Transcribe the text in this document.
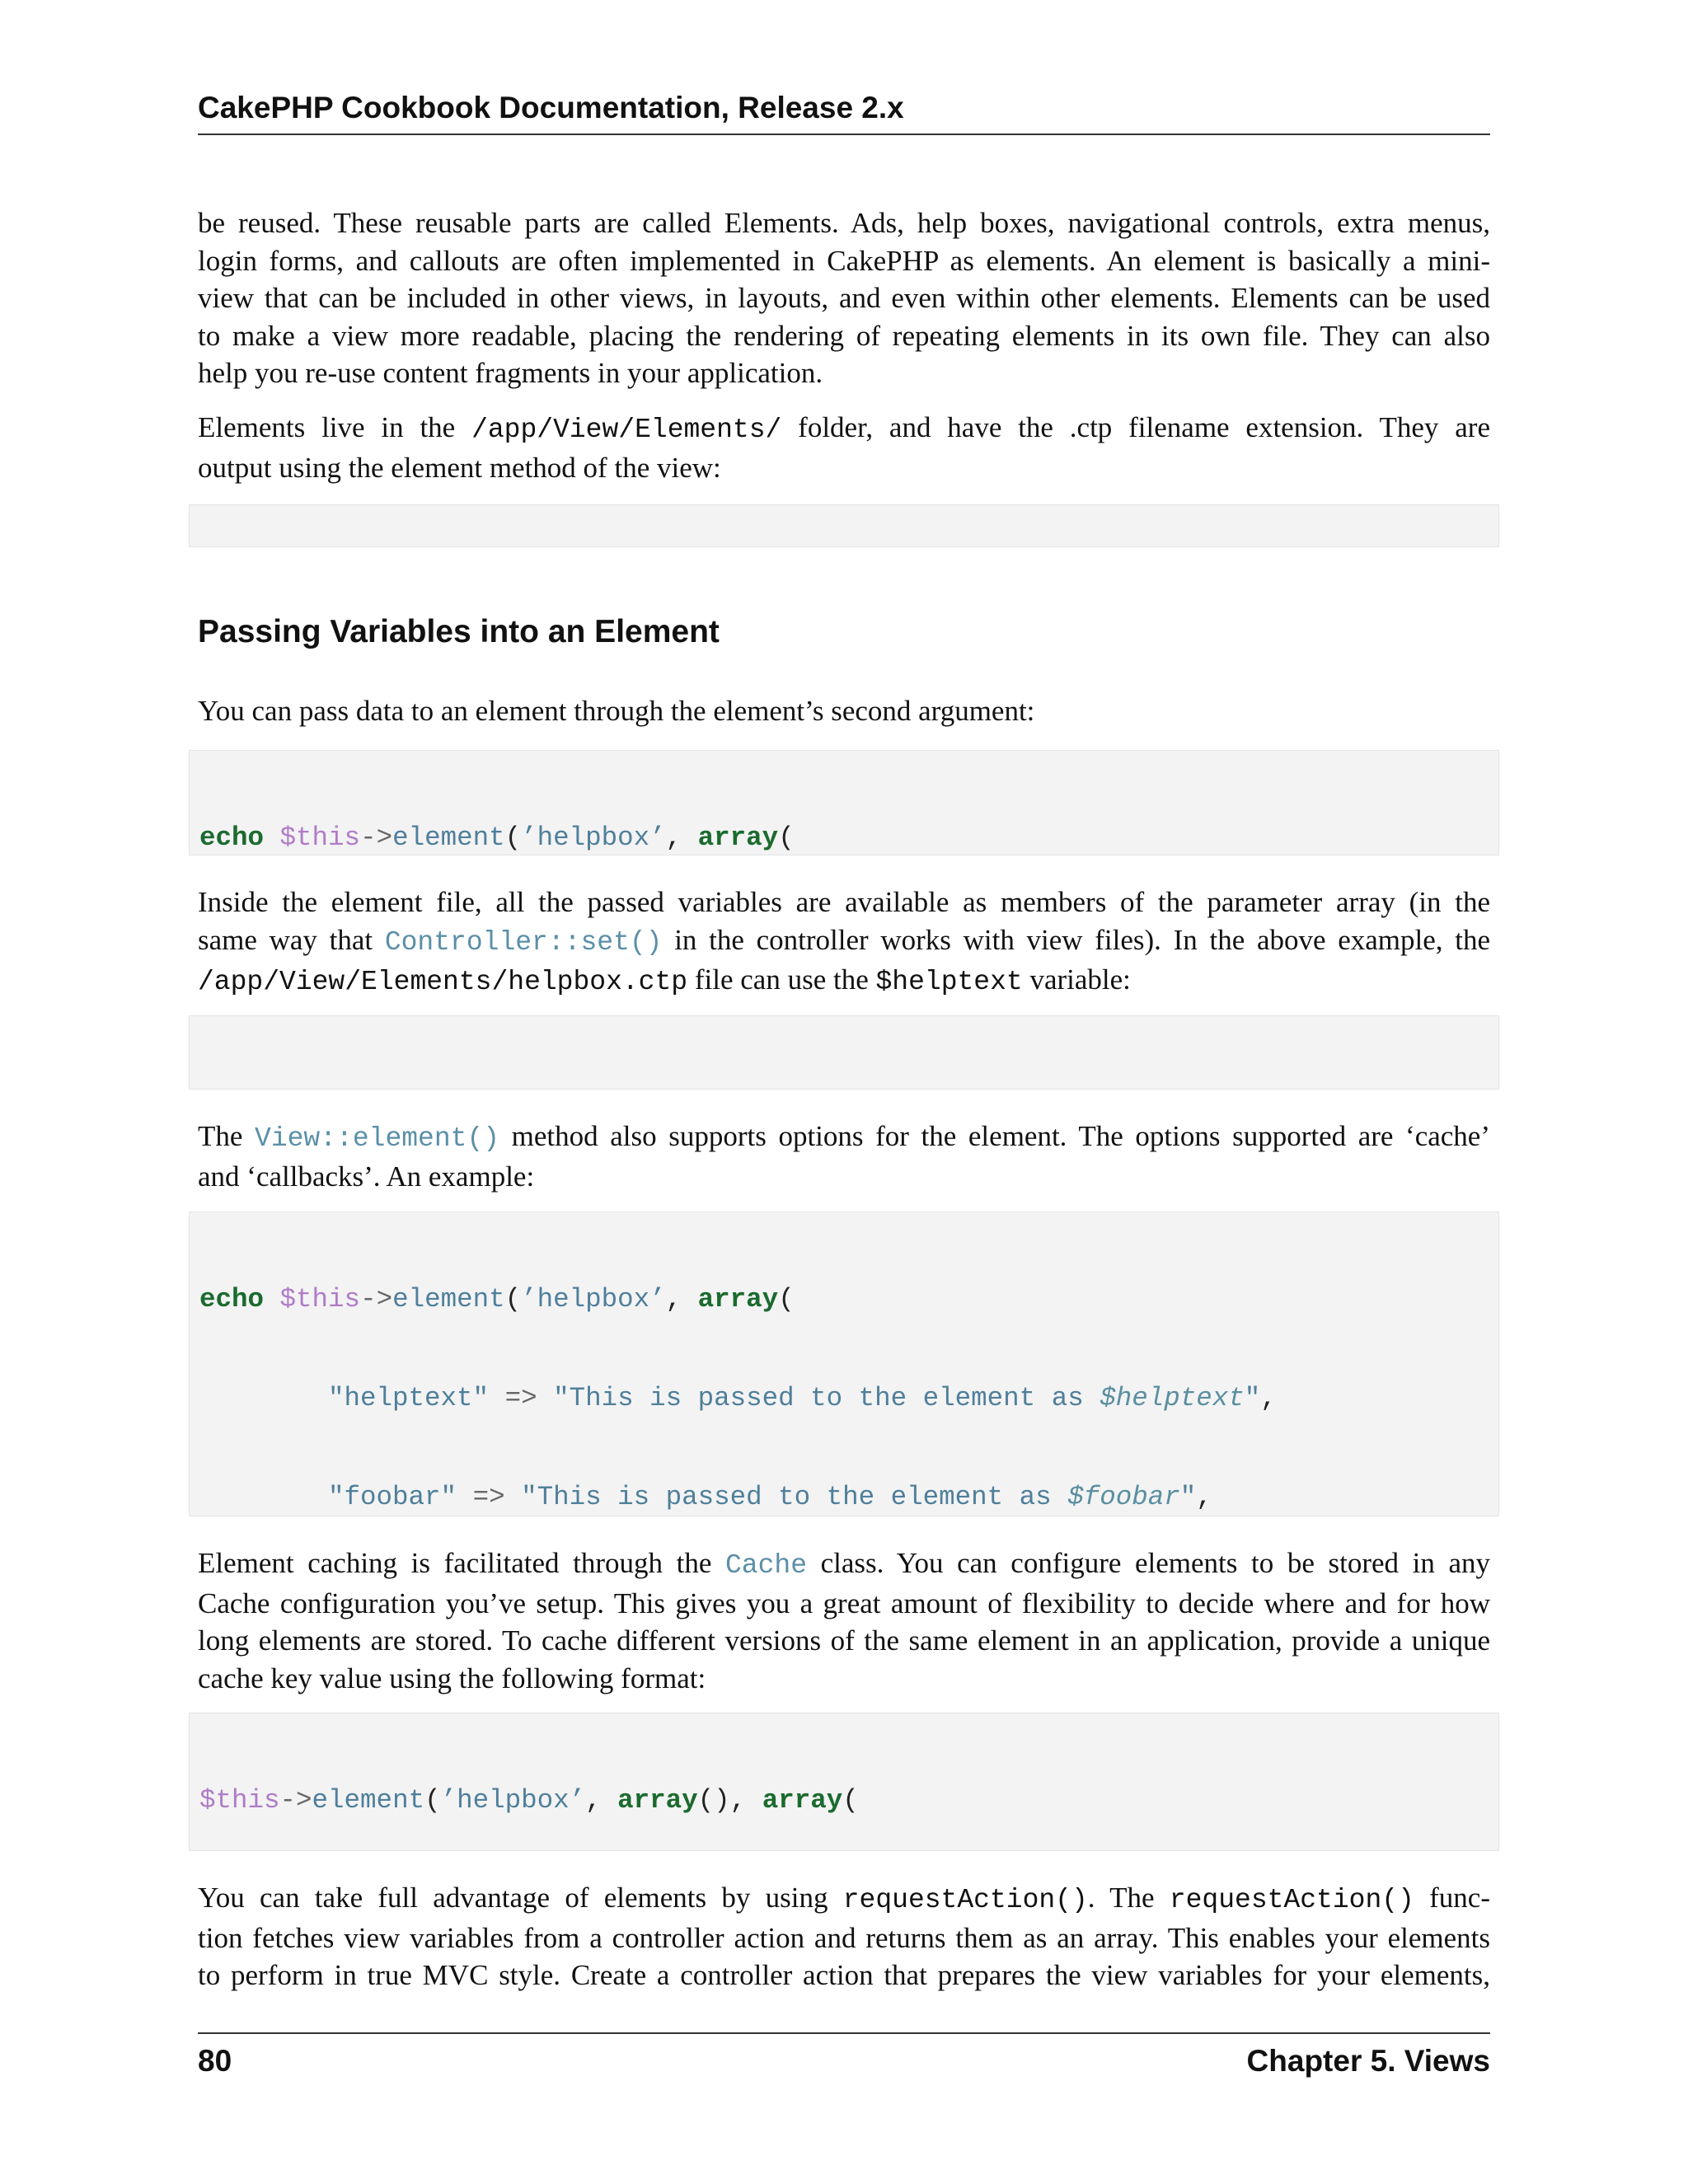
CakePHP Cookbook Documentation, Release 2.x
be reused. These reusable parts are called Elements. Ads, help boxes, navigational controls, extra menus,
login forms, and callouts are often implemented in CakePHP as elements. An element is basically a mini-
view that can be included in other views, in layouts, and even within other elements. Elements can be used
to make a view more readable, placing the rendering of repeating elements in its own file. They can also
help you re-use content fragments in your application.
Elements live in the /app/View/Elements/ folder, and have the .ctp filename extension. They are
output using the element method of the view:

Passing Variables into an Element
You can pass data to an element through the element’s second argument:

echo $this->element(’helpbox’, array(

Inside the element file, all the passed variables are available as members of the parameter array (in the
same way that Controller::set() in the controller works with view files). In the above example, the
/app/View/Elements/helpbox.ctp file can use the $helptext variable:

The View::element() method also supports options for the element. The options supported are ‘cache’
and ‘callbacks’. An example:

echo $this->element(’helpbox’, array(

"helptext" => "This is passed to the element as $helptext",

"foobar" => "This is passed to the element as $foobar",

Element caching is facilitated through the Cache class. You can configure elements to be stored in any
Cache configuration you’ve setup. This gives you a great amount of flexibility to decide where and for how
long elements are stored. To cache different versions of the same element in an application, provide a unique
cache key value using the following format:

$this->element(’helpbox’, array(), array(

You can take full advantage of elements by using requestAction(). The requestAction() func-
tion fetches view variables from a controller action and returns them as an array. This enables your elements
to perform in true MVC style. Create a controller action that prepares the view variables for your elements,
80	Chapter 5. Views
